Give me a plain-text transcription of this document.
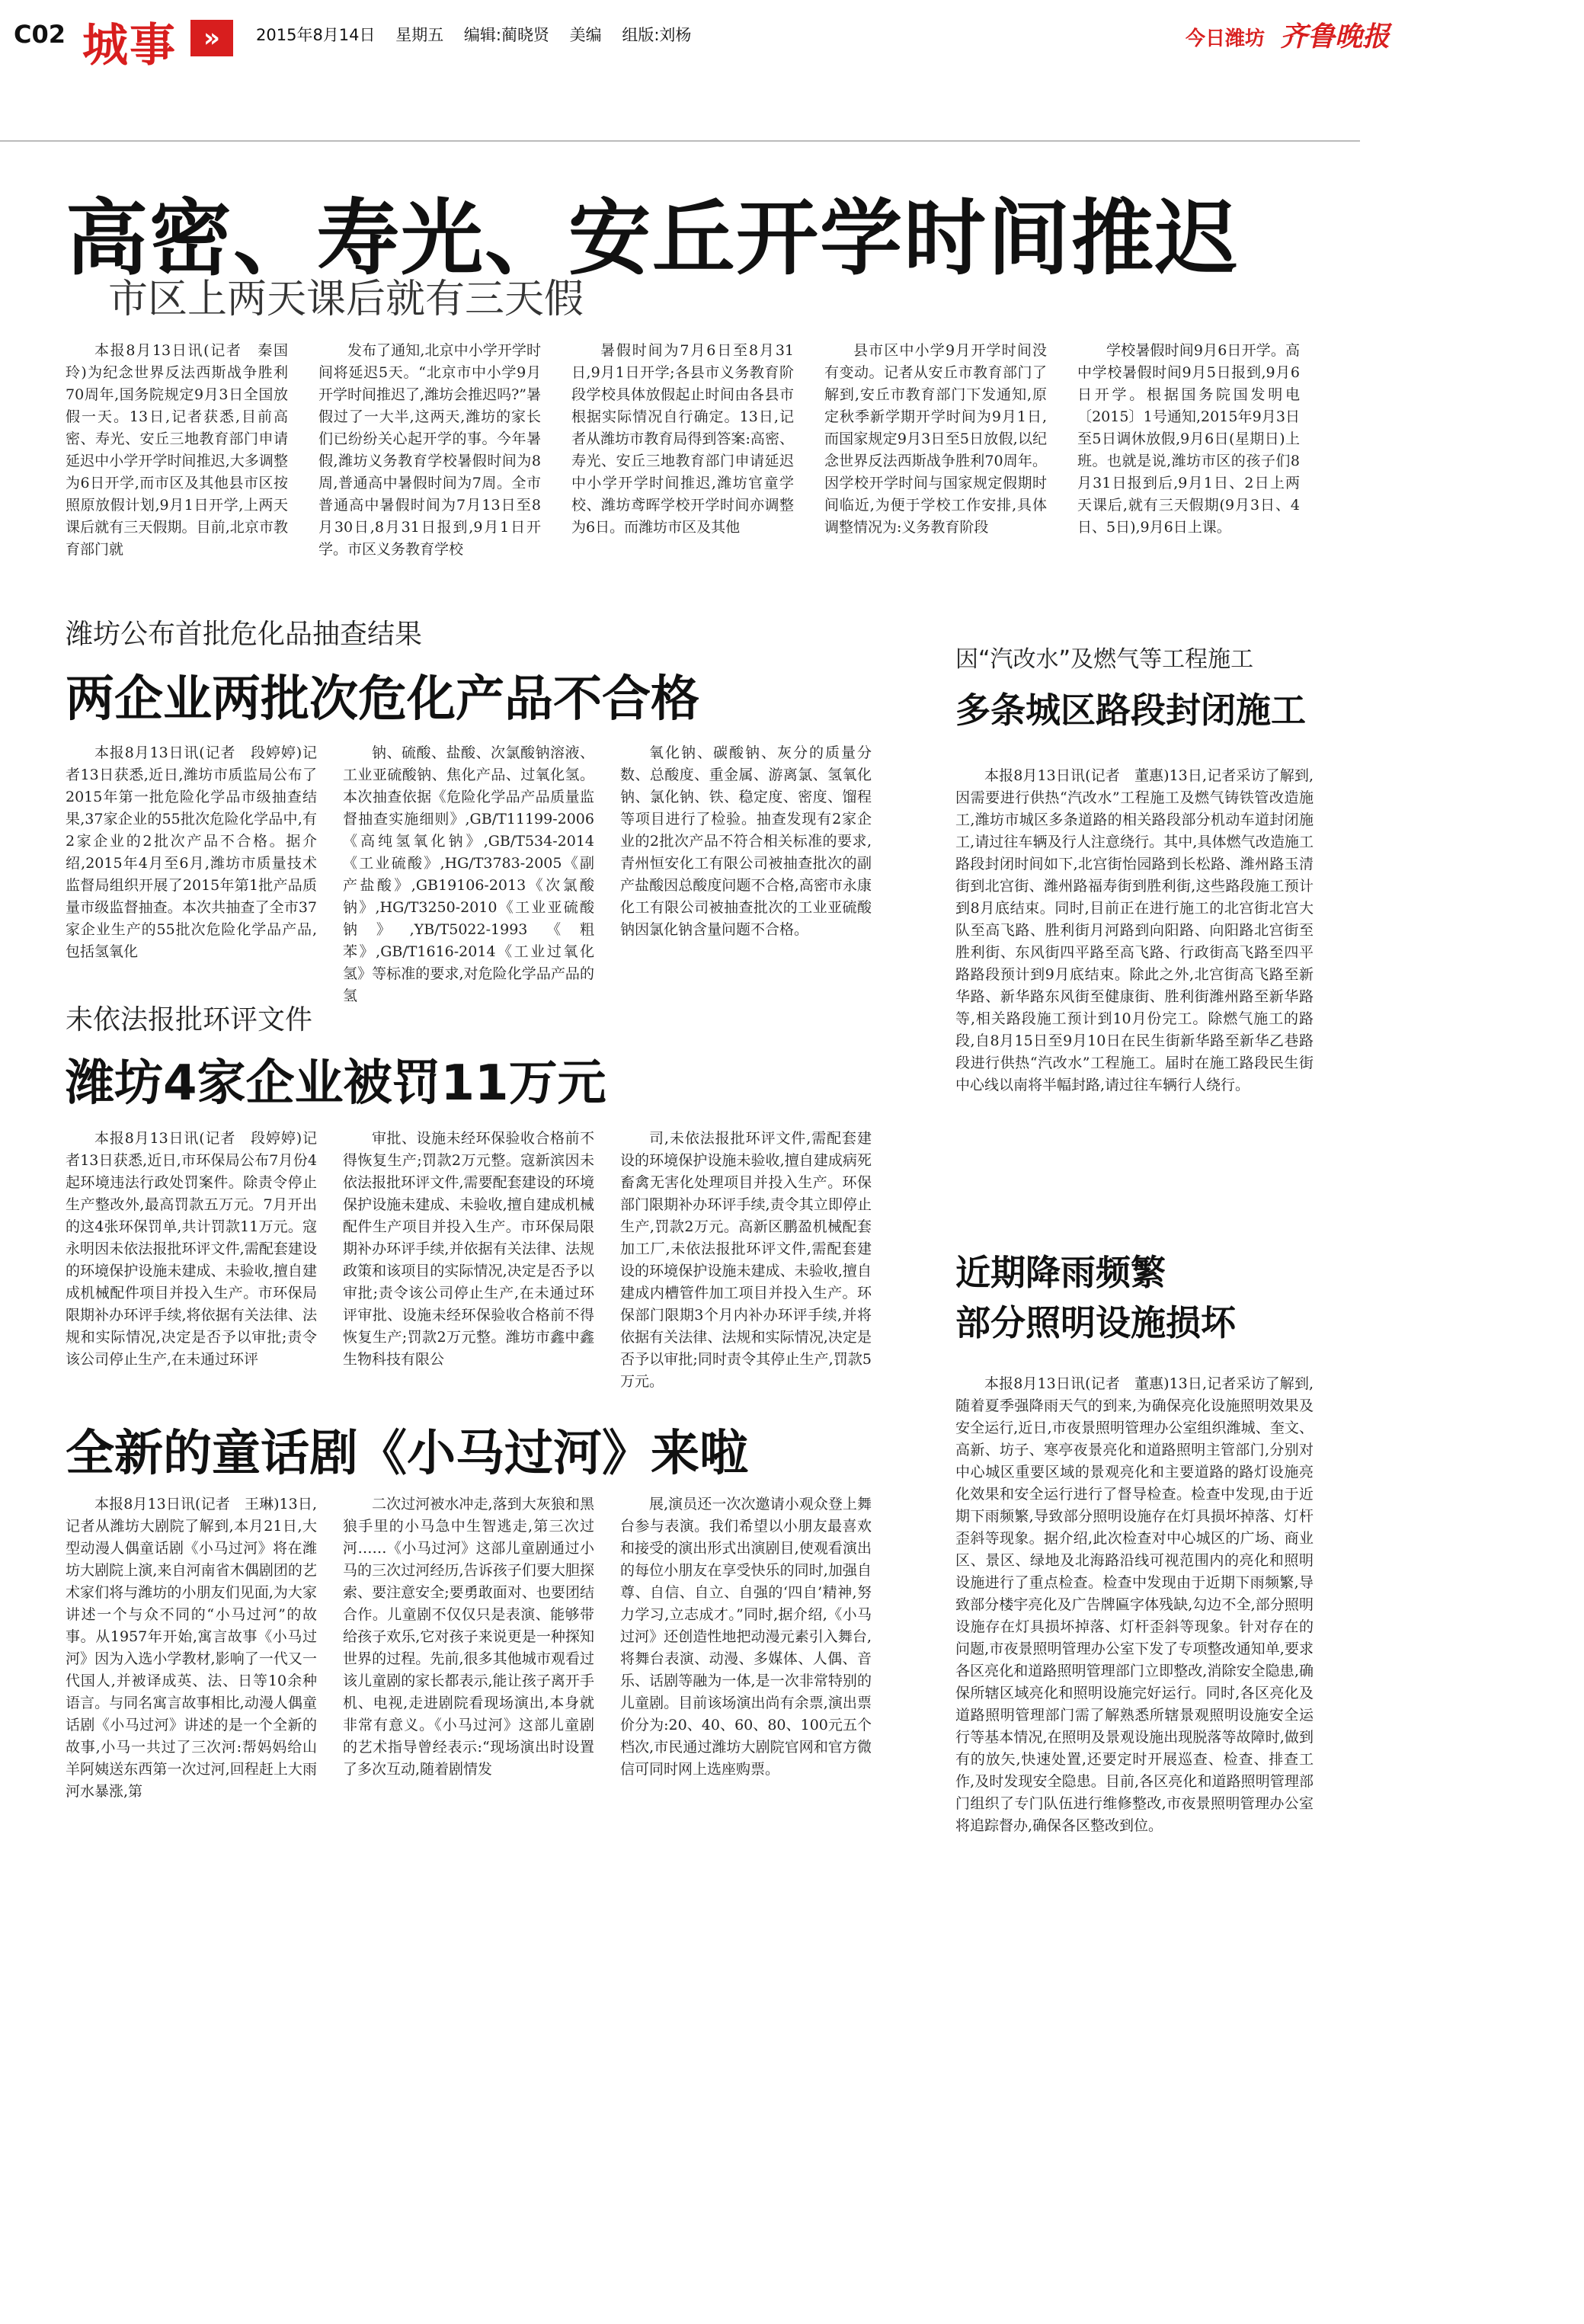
C02 城事	»	2015年8月14日 星期五 编辑:蔺晓贤 美编 组版:刘杨	今日潍坊 齐鲁晚报
高密、寿光、安丘开学时间推迟
市区上两天课后就有三天假

本报8月13日讯(记者　秦国玲)为纪念世界反法西斯战争胜利70周年,国务院规定9月3日全国放假一天。13日,记者获悉,目前高密、寿光、安丘三地教育部门申请延迟中小学开学时间推迟,大多调整为6日开学,而市区及其他县市区按照原放假计划,9月1日开学,上两天课后就有三天假期。目前,北京市教育部门就

发布了通知,北京中小学开学时间将延迟5天。“北京市中小学9月开学时间推迟了,潍坊会推迟吗?”暑假过了一大半,这两天,潍坊的家长们已纷纷关心起开学的事。今年暑假,潍坊义务教育学校暑假时间为8周,普通高中暑假时间为7周。全市普通高中暑假时间为7月13日至8月30日,8月31日报到,9月1日开学。市区义务教育学校

暑假时间为7月6日至8月31日,9月1日开学;各县市义务教育阶段学校具体放假起止时间由各县市根据实际情况自行确定。13日,记者从潍坊市教育局得到答案:高密、寿光、安丘三地教育部门申请延迟中小学开学时间推迟,潍坊官童学校、潍坊鸢晖学校开学时间亦调整为6日。而潍坊市区及其他

县市区中小学9月开学时间没有变动。记者从安丘市教育部门了解到,安丘市教育部门下发通知,原定秋季新学期开学时间为9月1日,而国家规定9月3日至5日放假,以纪念世界反法西斯战争胜利70周年。因学校开学时间与国家规定假期时间临近,为便于学校工作安排,具体调整情况为:义务教育阶段

学校暑假时间9月6日开学。高中学校暑假时间9月5日报到,9月6日开学。根据国务院国发明电〔2015〕1号通知,2015年9月3日至5日调休放假,9月6日(星期日)上班。也就是说,潍坊市区的孩子们8月31日报到后,9月1日、2日上两天课后,就有三天假期(9月3日、4日、5日),9月6日上课。

潍坊公布首批危化品抽查结果
两企业两批次危化产品不合格

本报8月13日讯(记者　段婷婷)记者13日获悉,近日,潍坊市质监局公布了2015年第一批危险化学品市级抽查结果,37家企业的55批次危险化学品中,有2家企业的2批次产品不合格。据介绍,2015年4月至6月,潍坊市质量技术监督局组织开展了2015年第1批产品质量市级监督抽查。本次共抽查了全市37家企业生产的55批次危险化学品产品,包括氢氧化

钠、硫酸、盐酸、次氯酸钠溶液、工业亚硫酸钠、焦化产品、过氧化氢。本次抽查依据《危险化学品产品质量监督抽查实施细则》,GB/T11199-2006《高纯氢氧化钠》,GB/T534-2014《工业硫酸》,HG/T3783-2005《副产盐酸》,GB19106-2013《次氯酸钠》,HG/T3250-2010《工业亚硫酸钠》,YB/T5022-1993《粗苯》,GB/T1616-2014《工业过氧化氢》等标准的要求,对危险化学品产品的氢

氧化钠、碳酸钠、灰分的质量分数、总酸度、重金属、游离氯、氢氧化钠、氯化钠、铁、稳定度、密度、馏程等项目进行了检验。抽查发现有2家企业的2批次产品不符合相关标准的要求,青州恒安化工有限公司被抽查批次的副产盐酸因总酸度问题不合格,高密市永康化工有限公司被抽查批次的工业亚硫酸钠因氯化钠含量问题不合格。

未依法报批环评文件
潍坊4家企业被罚11万元

本报8月13日讯(记者　段婷婷)记者13日获悉,近日,市环保局公布7月份4起环境违法行政处罚案件。除责令停止生产整改外,最高罚款五万元。7月开出的这4张环保罚单,共计罚款11万元。寇永明因未依法报批环评文件,需配套建设的环境保护设施未建成、未验收,擅自建成机械配件项目并投入生产。市环保局限期补办环评手续,将依据有关法律、法规和实际情况,决定是否予以审批;责令该公司停止生产,在未通过环评

审批、设施未经环保验收合格前不得恢复生产;罚款2万元整。寇新滨因未依法报批环评文件,需要配套建设的环境保护设施未建成、未验收,擅自建成机械配件生产项目并投入生产。市环保局限期补办环评手续,并依据有关法律、法规政策和该项目的实际情况,决定是否予以审批;责令该公司停止生产,在未通过环评审批、设施未经环保验收合格前不得恢复生产;罚款2万元整。潍坊市鑫中鑫生物科技有限公

司,未依法报批环评文件,需配套建设的环境保护设施未验收,擅自建成病死畜禽无害化处理项目并投入生产。环保部门限期补办环评手续,责令其立即停止生产,罚款2万元。高新区鹏盈机械配套加工厂,未依法报批环评文件,需配套建设的环境保护设施未建成、未验收,擅自建成内槽管件加工项目并投入生产。环保部门限期3个月内补办环评手续,并将依据有关法律、法规和实际情况,决定是否予以审批;同时责令其停止生产,罚款5万元。

全新的童话剧《小马过河》来啦

本报8月13日讯(记者　王琳)13日,记者从潍坊大剧院了解到,本月21日,大型动漫人偶童话剧《小马过河》将在潍坊大剧院上演,来自河南省木偶剧团的艺术家们将与潍坊的小朋友们见面,为大家讲述一个与众不同的“小马过河”的故事。从1957年开始,寓言故事《小马过河》因为入选小学教材,影响了一代又一代国人,并被译成英、法、日等10余种语言。与同名寓言故事相比,动漫人偶童话剧《小马过河》讲述的是一个全新的故事,小马一共过了三次河:帮妈妈给山羊阿姨送东西第一次过河,回程赶上大雨河水暴涨,第

二次过河被水冲走,落到大灰狼和黑狼手里的小马急中生智逃走,第三次过河……《小马过河》这部儿童剧通过小马的三次过河经历,告诉孩子们要大胆探索、要注意安全;要勇敢面对、也要团结合作。儿童剧不仅仅只是表演、能够带给孩子欢乐,它对孩子来说更是一种探知世界的过程。先前,很多其他城市观看过该儿童剧的家长都表示,能让孩子离开手机、电视,走进剧院看现场演出,本身就非常有意义。《小马过河》这部儿童剧的艺术指导曾经表示:“现场演出时设置了多次互动,随着剧情发

展,演员还一次次邀请小观众登上舞台参与表演。我们希望以小朋友最喜欢和接受的演出形式出演剧目,使观看演出的每位小朋友在享受快乐的同时,加强自尊、自信、自立、自强的‘四自’精神,努力学习,立志成才。”同时,据介绍,《小马过河》还创造性地把动漫元素引入舞台,将舞台表演、动漫、多媒体、人偶、音乐、话剧等融为一体,是一次非常特别的儿童剧。目前该场演出尚有余票,演出票价分为:20、40、60、80、100元五个档次,市民通过潍坊大剧院官网和官方微信可同时网上选座购票。

因“汽改水”及燃气等工程施工
多条城区路段封闭施工

本报8月13日讯(记者　董惠)13日,记者采访了解到,因需要进行供热“汽改水”工程施工及燃气铸铁管改造施工,潍坊市城区多条道路的相关路段部分机动车道封闭施工,请过往车辆及行人注意绕行。其中,具体燃气改造施工路段封闭时间如下,北宫街怡园路到长松路、潍州路玉清街到北宫街、潍州路福寿街到胜利街,这些路段施工预计到8月底结束。同时,目前正在进行施工的北宫街北宫大队至高飞路、胜利街月河路到向阳路、向阳路北宫街至胜利街、东风街四平路至高飞路、行政街高飞路至四平路路段预计到9月底结束。除此之外,北宫街高飞路至新华路、新华路东风街至健康街、胜利街潍州路至新华路等,相关路段施工预计到10月份完工。除燃气施工的路段,自8月15日至9月10日在民生街新华路至新华乙巷路段进行供热“汽改水”工程施工。届时在施工路段民生街中心线以南将半幅封路,请过往车辆行人绕行。

近期降雨频繁
部分照明设施损坏

本报8月13日讯(记者　董惠)13日,记者采访了解到,随着夏季强降雨天气的到来,为确保亮化设施照明效果及安全运行,近日,市夜景照明管理办公室组织潍城、奎文、高新、坊子、寒亭夜景亮化和道路照明主管部门,分别对中心城区重要区域的景观亮化和主要道路的路灯设施亮化效果和安全运行进行了督导检查。检查中发现,由于近期下雨频繁,导致部分照明设施存在灯具损坏掉落、灯杆歪斜等现象。据介绍,此次检查对中心城区的广场、商业区、景区、绿地及北海路沿线可视范围内的亮化和照明设施进行了重点检查。检查中发现由于近期下雨频繁,导致部分楼宇亮化及广告牌匾字体残缺,勾边不全,部分照明设施存在灯具损坏掉落、灯杆歪斜等现象。针对存在的问题,市夜景照明管理办公室下发了专项整改通知单,要求各区亮化和道路照明管理部门立即整改,消除安全隐患,确保所辖区域亮化和照明设施完好运行。同时,各区亮化及道路照明管理部门需了解熟悉所辖景观照明设施安全运行等基本情况,在照明及景观设施出现脱落等故障时,做到有的放矢,快速处置,还要定时开展巡查、检查、排查工作,及时发现安全隐患。目前,各区亮化和道路照明管理部门组织了专门队伍进行维修整改,市夜景照明管理办公室将追踪督办,确保各区整改到位。
